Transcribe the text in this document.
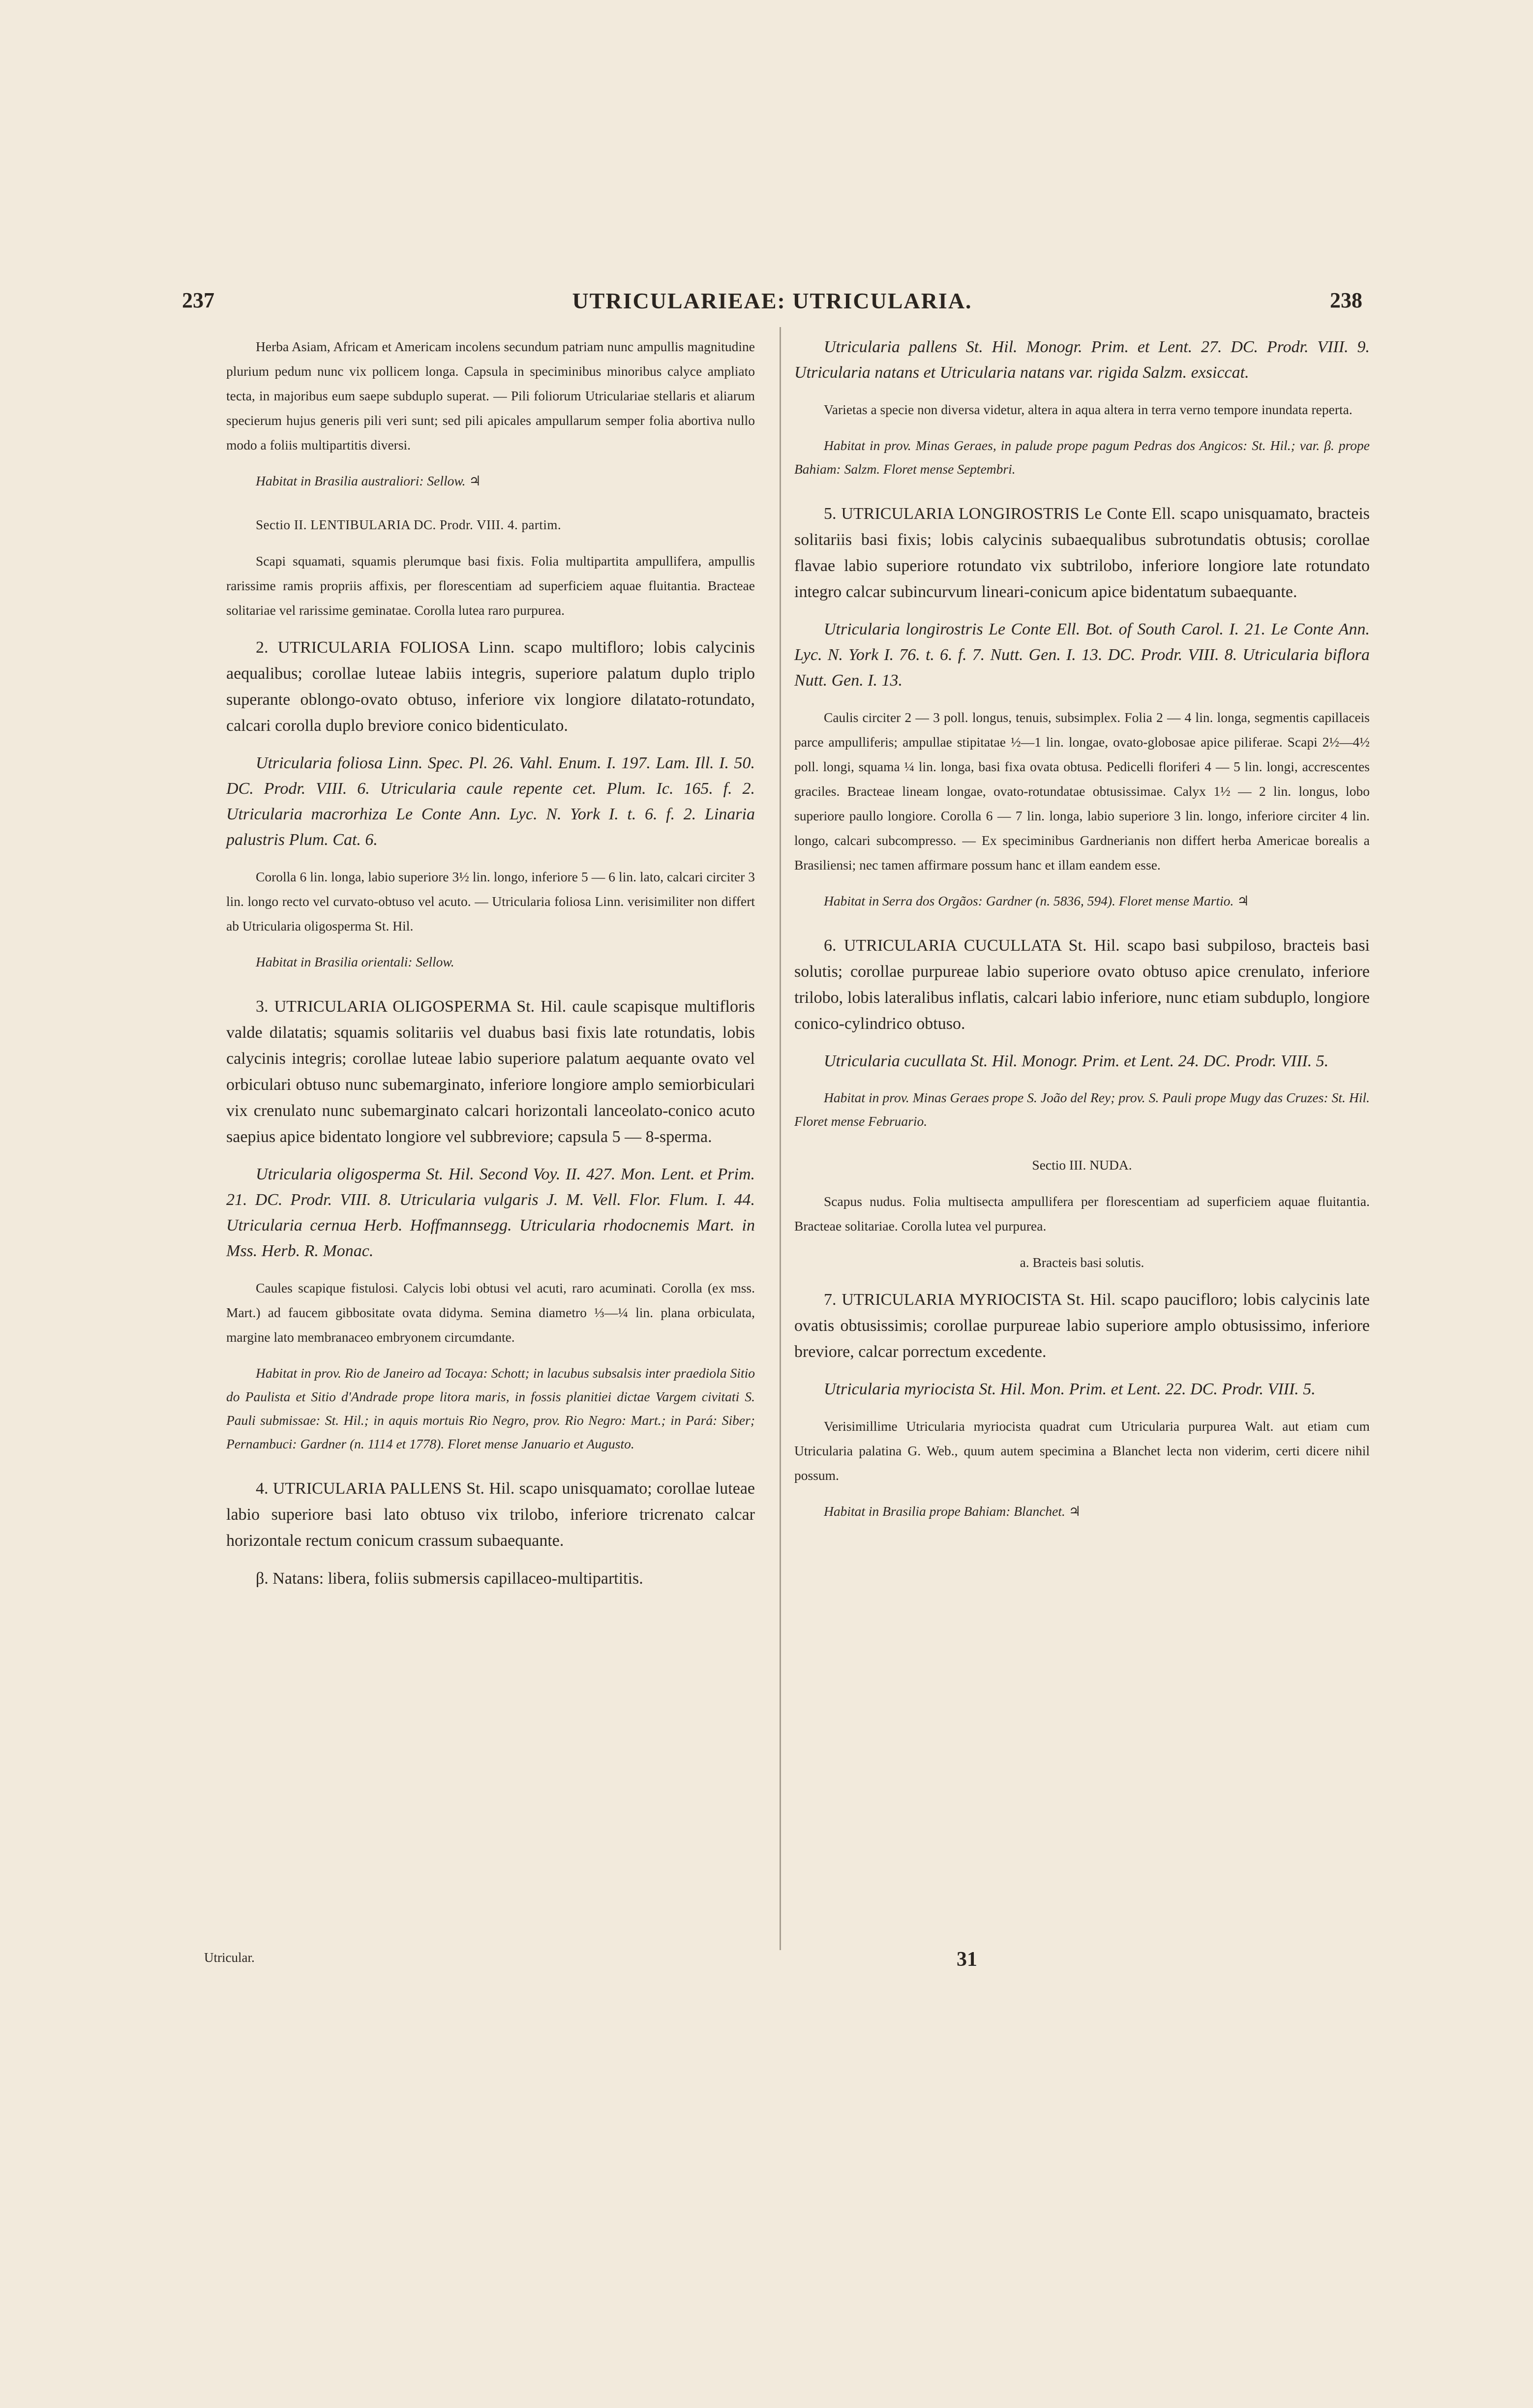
237	UTRICULARIEAE: UTRICULARIA.	238

Herba Asiam, Africam et Americam incolens secundum patriam nunc ampullis magnitudine plurium pedum nunc vix pollicem longa. Capsula in speciminibus minoribus calyce ampliato tecta, in majoribus eum saepe subduplo superat. — Pili foliorum Utriculariae stellaris et aliarum specierum hujus generis pili veri sunt; sed pili apicales ampullarum semper folia abortiva nullo modo a foliis multipartitis diversi.

Habitat in Brasilia australiori: Sellow. ♃

Sectio II. LENTIBULARIA DC. Prodr. VIII. 4. partim.

Scapi squamati, squamis plerumque basi fixis. Folia multipartita ampullifera, ampullis rarissime ramis propriis affixis, per florescentiam ad superficiem aquae fluitantia. Bracteae solitariae vel rarissime geminatae. Corolla lutea raro purpurea.

2. UTRICULARIA FOLIOSA Linn. scapo multifloro; lobis calycinis aequalibus; corollae luteae labiis integris, superiore palatum duplo triplo superante oblongo-ovato obtuso, inferiore vix longiore dilatato-rotundato, calcari corolla duplo breviore conico bidenticulato.

Utricularia foliosa Linn. Spec. Pl. 26. Vahl. Enum. I. 197. Lam. Ill. I. 50. DC. Prodr. VIII. 6. Utricularia caule repente cet. Plum. Ic. 165. f. 2. Utricularia macrorhiza Le Conte Ann. Lyc. N. York I. t. 6. f. 2. Linaria palustris Plum. Cat. 6.

Corolla 6 lin. longa, labio superiore 3½ lin. longo, inferiore 5 — 6 lin. lato, calcari circiter 3 lin. longo recto vel curvato-obtuso vel acuto. — Utricularia foliosa Linn. verisimiliter non differt ab Utricularia oligosperma St. Hil.

Habitat in Brasilia orientali: Sellow.

3. UTRICULARIA OLIGOSPERMA St. Hil. caule scapisque multifloris valde dilatatis; squamis solitariis vel duabus basi fixis late rotundatis, lobis calycinis integris; corollae luteae labio superiore palatum aequante ovato vel orbiculari obtuso nunc subemarginato, inferiore longiore amplo semiorbiculari vix crenulato nunc subemarginato calcari horizontali lanceolato-conico acuto saepius apice bidentato longiore vel subbreviore; capsula 5 — 8-sperma.

Utricularia oligosperma St. Hil. Second Voy. II. 427. Mon. Lent. et Prim. 21. DC. Prodr. VIII. 8. Utricularia vulgaris J. M. Vell. Flor. Flum. I. 44. Utricularia cernua Herb. Hoffmannsegg. Utricularia rhodocnemis Mart. in Mss. Herb. R. Monac.

Caules scapique fistulosi. Calycis lobi obtusi vel acuti, raro acuminati. Corolla (ex mss. Mart.) ad faucem gibbositate ovata didyma. Semina diametro ⅓—¼ lin. plana orbiculata, margine lato membranaceo embryonem circumdante.

Habitat in prov. Rio de Janeiro ad Tocaya: Schott; in lacubus subsalsis inter praediola Sitio do Paulista et Sitio d'Andrade prope litora maris, in fossis planitiei dictae Vargem civitati S. Pauli submissae: St. Hil.; in aquis mortuis Rio Negro, prov. Rio Negro: Mart.; in Pará: Siber; Pernambuci: Gardner (n. 1114 et 1778). Floret mense Januario et Augusto.

4. UTRICULARIA PALLENS St. Hil. scapo unisquamato; corollae luteae labio superiore basi lato obtuso vix trilobo, inferiore tricrenato calcar horizontale rectum conicum crassum subaequante.

β. Natans: libera, foliis submersis capillaceo-multipartitis.

Utricular.

Utricularia pallens St. Hil. Monogr. Prim. et Lent. 27. DC. Prodr. VIII. 9. Utricularia natans et Utricularia natans var. rigida Salzm. exsiccat.

Varietas a specie non diversa videtur, altera in aqua altera in terra verno tempore inundata reperta.

Habitat in prov. Minas Geraes, in palude prope pagum Pedras dos Angicos: St. Hil.; var. β. prope Bahiam: Salzm. Floret mense Septembri.

5. UTRICULARIA LONGIROSTRIS Le Conte Ell. scapo unisquamato, bracteis solitariis basi fixis; lobis calycinis subaequalibus subrotundatis obtusis; corollae flavae labio superiore rotundato vix subtrilobo, inferiore longiore late rotundato integro calcar subincurvum lineari-conicum apice bidentatum subaequante.

Utricularia longirostris Le Conte Ell. Bot. of South Carol. I. 21. Le Conte Ann. Lyc. N. York I. 76. t. 6. f. 7. Nutt. Gen. I. 13. DC. Prodr. VIII. 8. Utricularia biflora Nutt. Gen. I. 13.

Caulis circiter 2 — 3 poll. longus, tenuis, subsimplex. Folia 2 — 4 lin. longa, segmentis capillaceis parce ampulliferis; ampullae stipitatae ½—1 lin. longae, ovato-globosae apice piliferae. Scapi 2½—4½ poll. longi, squama ¼ lin. longa, basi fixa ovata obtusa. Pedicelli floriferi 4 — 5 lin. longi, accrescentes graciles. Bracteae lineam longae, ovato-rotundatae obtusissimae. Calyx 1½ — 2 lin. longus, lobo superiore paullo longiore. Corolla 6 — 7 lin. longa, labio superiore 3 lin. longo, inferiore circiter 4 lin. longo, calcari subcompresso. — Ex speciminibus Gardnerianis non differt herba Americae borealis a Brasiliensi; nec tamen affirmare possum hanc et illam eandem esse.

Habitat in Serra dos Orgãos: Gardner (n. 5836, 594). Floret mense Martio. ♃

6. UTRICULARIA CUCULLATA St. Hil. scapo basi subpiloso, bracteis basi solutis; corollae purpureae labio superiore ovato obtuso apice crenulato, inferiore trilobo, lobis lateralibus inflatis, calcari labio inferiore, nunc etiam subduplo, longiore conico-cylindrico obtuso.

Utricularia cucullata St. Hil. Monogr. Prim. et Lent. 24. DC. Prodr. VIII. 5.

Habitat in prov. Minas Geraes prope S. João del Rey; prov. S. Pauli prope Mugy das Cruzes: St. Hil. Floret mense Februario.

Sectio III. NUDA.

Scapus nudus. Folia multisecta ampullifera per florescentiam ad superficiem aquae fluitantia. Bracteae solitariae. Corolla lutea vel purpurea.

a. Bracteis basi solutis.

7. UTRICULARIA MYRIOCISTA St. Hil. scapo paucifloro; lobis calycinis late ovatis obtusissimis; corollae purpureae labio superiore amplo obtusissimo, inferiore breviore, calcar porrectum excedente.

Utricularia myriocista St. Hil. Mon. Prim. et Lent. 22. DC. Prodr. VIII. 5.

Verisimillime Utricularia myriocista quadrat cum Utricularia purpurea Walt. aut etiam cum Utricularia palatina G. Web., quum autem specimina a Blanchet lecta non viderim, certi dicere nihil possum.

Habitat in Brasilia prope Bahiam: Blanchet. ♃

31
